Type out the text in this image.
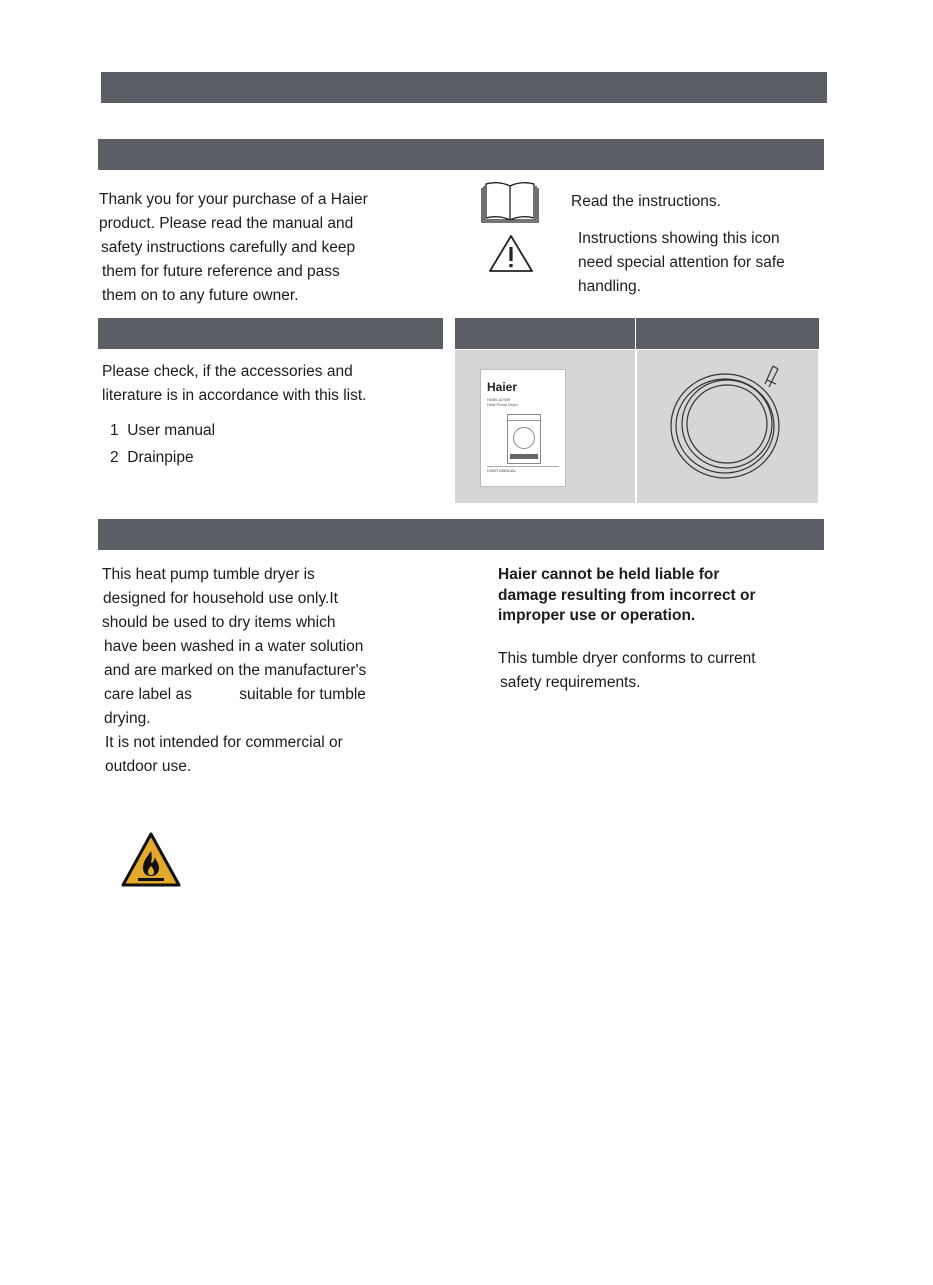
Thank you for your purchase of a Haier
product. Please read the manual and
safety instructions carefully and keep
them for future reference and pass
them on to any future owner.
Read the instructions.
Instructions showing this icon
need special attention for safe
handling.
Please check, if the accessories and
literature is in accordance with this list.
1 User manual
2 Drainpipe
Haier
HD80-A2959
Heat Pump Dryer
USER MANUAL
This heat pump tumble dryer is
designed for household use only.It
should be used to dry items which
have been washed in a water solution
and are marked on the manufacturer's
care label as           suitable for tumble
drying.
It is not intended for commercial or
outdoor use.
Haier cannot be held liable for
damage resulting from incorrect or
improper use or operation.
This tumble dryer conforms to current
safety requirements.
